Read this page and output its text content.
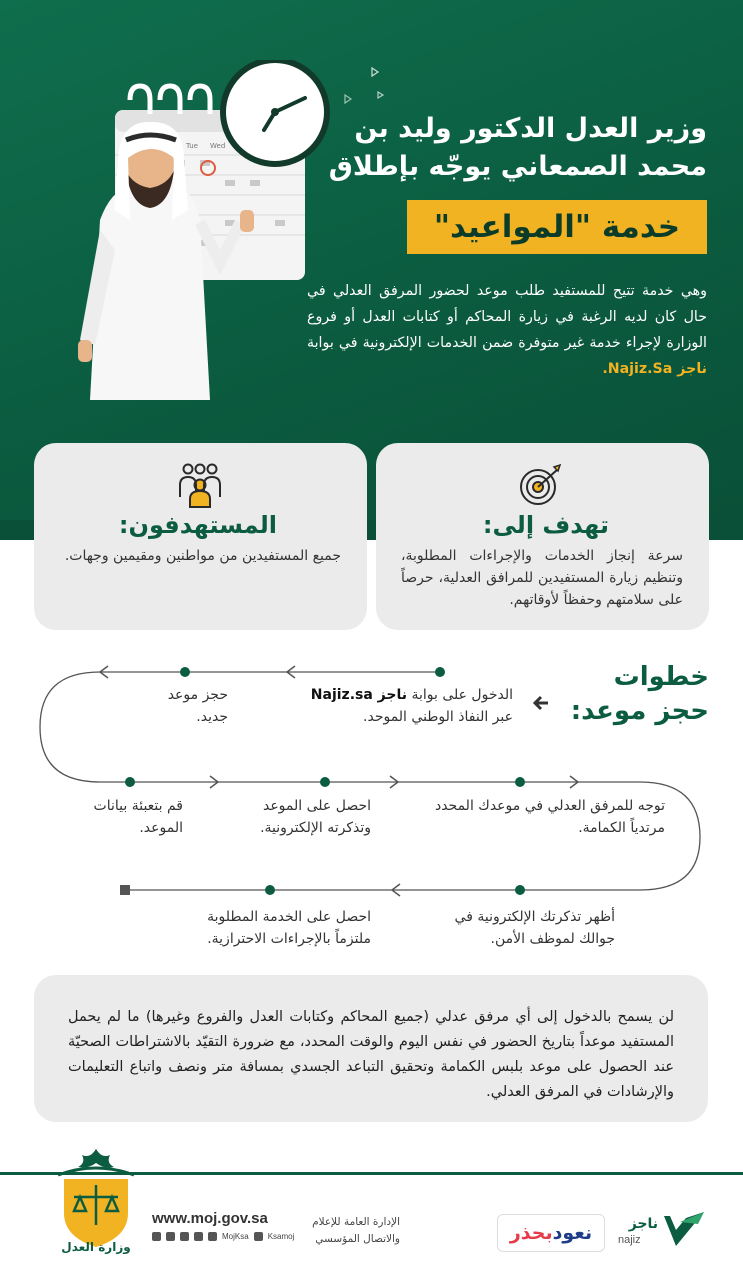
Tue Wed
وزير العدل الدكتور وليد بن محمد الصمعاني يوجّه بإطلاق
خدمة "المواعيد"
وهي خدمة تتيح للمستفيد طلب موعد لحضور المرفق العدلي في حال كان لديه الرغبة في زيارة المحاكم أو كتابات العدل أو فروع الوزارة لإجراء خدمة غير متوفرة ضمن الخدمات الإلكترونية في بوابة ناجز Najiz.Sa.
تهدف إلى:

سرعة إنجاز الخدمات والإجراءات المطلوبة، وتنظيم زيارة المستفيدين للمرافق العدلية، حرصاً على سلامتهم وحفظاً لأوقاتهم.

المستهدفون:

جميع المستفيدين من مواطنين ومقيمين وجهات.

خطوات
حجز موعد:
الدخول على بوابة ناجز Najiz.sa
عبر النفاذ الوطني الموحد.
حجز موعد جديد.
قم بتعبئة بيانات الموعد.
احصل على الموعد وتذكرته الإلكترونية.
توجه للمرفق العدلي في موعدك المحدد مرتدياً الكمامة.
أظهر تذكرتك الإلكترونية في جوالك لموظف الأمن.
احصل على الخدمة المطلوبة ملتزماً بالإجراءات الاحترازية.
لن يسمح بالدخول إلى أي مرفق عدلي (جميع المحاكم وكتابات العدل والفروع وغيرها) ما لم يحمل المستفيد موعداً بتاريخ الحضور في نفس اليوم والوقت المحدد، مع ضرورة التقيّد بالاشتراطات الصحيّة عند الحصول على موعد بلبس الكمامة وتحقيق التباعد الجسدي بمسافة متر ونصف واتباع التعليمات والإرشادات في المرفق العدلي.
وزارة العدل
www.moj.gov.sa
MojKsa Ksamoj
الإدارة العامة للإعلام والاتصال المؤسسي	نعودبحذر	ناجز
najiz
